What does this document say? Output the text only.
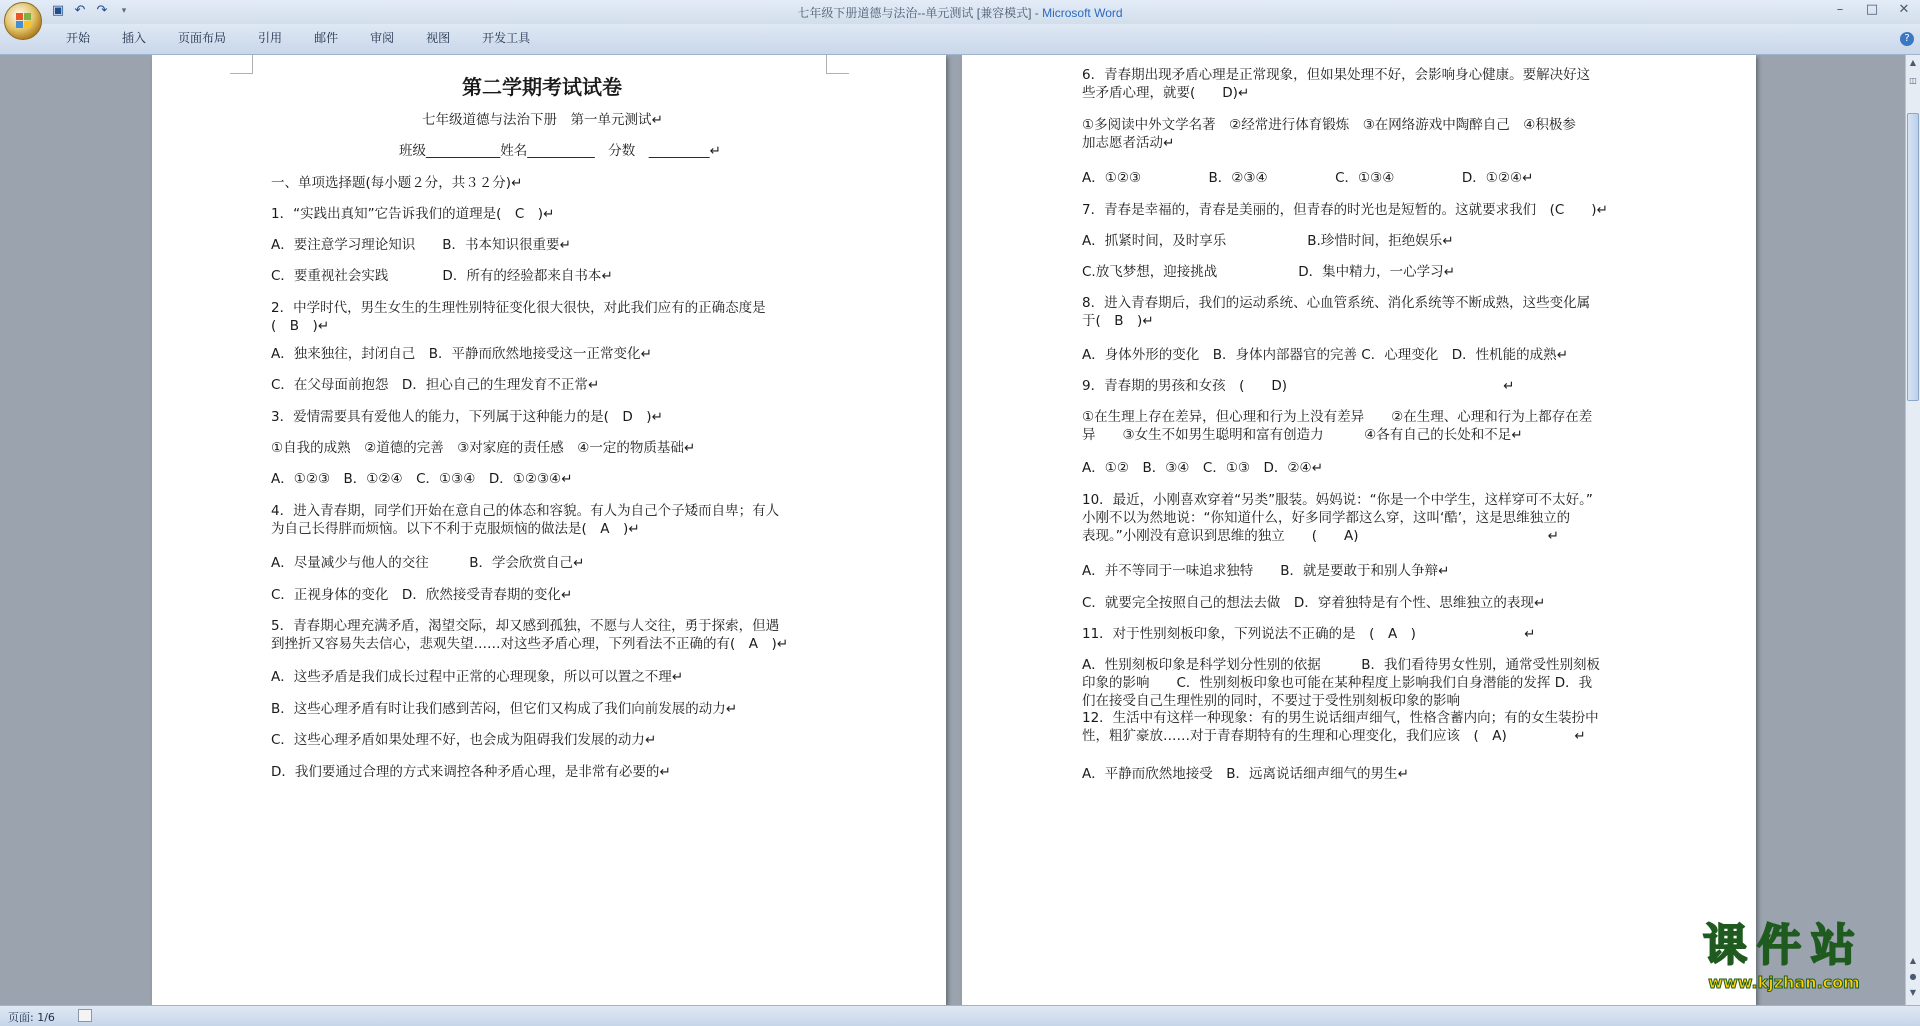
▣ ↶ ↷	▾	七年级下册道德与法治--单元测试 [兼容模式] - Microsoft Word	–	□	✕
开始	插入	页面布局	引用	邮件	审阅	视图	开发工具	?
第二学期考试试卷
七年级道德与法治下册　第一单元测试↵
班级___________姓名__________　分数　_________↵
一、单项选择题(每小题２分，共３２分)↵
1．“实践出真知”它告诉我们的道理是(　C　)↵
A．要注意学习理论知识　　B．书本知识很重要↵
C．要重视社会实践　　　　D．所有的经验都来自书本↵
2．中学时代，男生女生的生理性别特征变化很大很快，对此我们应有的正确态度是
(　B　)↵
A．独来独往，封闭自己　B．平静而欣然地接受这一正常变化↵
C．在父母面前抱怨　D．担心自己的生理发育不正常↵
3．爱情需要具有爱他人的能力，下列属于这种能力的是(　D　)↵
①自我的成熟　②道德的完善　③对家庭的责任感　④一定的物质基础↵
A．①②③　B．①②④　C．①③④　D．①②③④↵
4．进入青春期，同学们开始在意自己的体态和容貌。有人为自己个子矮而自卑；有人
为自己长得胖而烦恼。以下不利于克服烦恼的做法是(　A　)↵
A．尽量减少与他人的交往　　　B．学会欣赏自己↵
C．正视身体的变化　D．欣然接受青春期的变化↵
5．青春期心理充满矛盾，渴望交际，却又感到孤独，不愿与人交往，勇于探索，但遇
到挫折又容易失去信心，悲观失望……对这些矛盾心理，下列看法不正确的有(　A　)↵
A．这些矛盾是我们成长过程中正常的心理现象，所以可以置之不理↵
B．这些心理矛盾有时让我们感到苦闷，但它们又构成了我们向前发展的动力↵
C．这些心理矛盾如果处理不好，也会成为阻碍我们发展的动力↵
D．我们要通过合理的方式来调控各种矛盾心理，是非常有必要的↵
6．青春期出现矛盾心理是正常现象，但如果处理不好，会影响身心健康。要解决好这
些矛盾心理，就要(　　D)↵
①多阅读中外文学名著　②经常进行体育锻炼　③在网络游戏中陶醉自己　④积极参
加志愿者活动↵
A．①②③　　　　　B．②③④　　　　　C．①③④　　　　　D．①②④↵
7．青春是幸福的，青春是美丽的，但青春的时光也是短暂的。这就要求我们　(C　　)↵
A．抓紧时间，及时享乐　　　　　　B.珍惜时间，拒绝娱乐↵
C.放飞梦想，迎接挑战　　　　　　D．集中精力，一心学习↵
8．进入青春期后，我们的运动系统、心血管系统、消化系统等不断成熟，这些变化属
于(　B　)↵
A．身体外形的变化　B．身体内部器官的完善 C．心理变化　D．性机能的成熟↵
9．青春期的男孩和女孩　(　　D)　　　　　　　　　　　　　　　　↵
①在生理上存在差异，但心理和行为上没有差异　　②在生理、心理和行为上都存在差
异　　③女生不如男生聪明和富有创造力　　　④各有自己的长处和不足↵
A．①②　B．③④　C．①③　D．②④↵
10．最近，小刚喜欢穿着“另类”服装。妈妈说：“你是一个中学生，这样穿可不太好。”
小刚不以为然地说：“你知道什么，好多同学都这么穿，这叫‘酷’，这是思维独立的
表现。”小刚没有意识到思维的独立　　(　　A)　　　　　　　　　　　　　　↵
A．并不等同于一味追求独特　　B．就是要敢于和别人争辩↵
C．就要完全按照自己的想法去做　D．穿着独特是有个性、思维独立的表现↵
11．对于性别刻板印象，下列说法不正确的是　(　A　)　　　　　　　　↵
A．性别刻板印象是科学划分性别的依据　　　B．我们看待男女性别，通常受性别刻板
印象的影响　　C．性别刻板印象也可能在某种程度上影响我们自身潜能的发挥 D．我
们在接受自己生理性别的同时，不要过于受性别刻板印象的影响
12．生活中有这样一种现象：有的男生说话细声细气，性格含蓄内向；有的女生装扮中
性，粗犷豪放……对于青春期特有的生理和心理变化，我们应该　(　A)　　　　　↵
A．平静而欣然地接受　B．远离说话细声细气的男生↵
▲
◫
▲
●
▼
页面: 1/6
课件站
www.kjzhan.com
